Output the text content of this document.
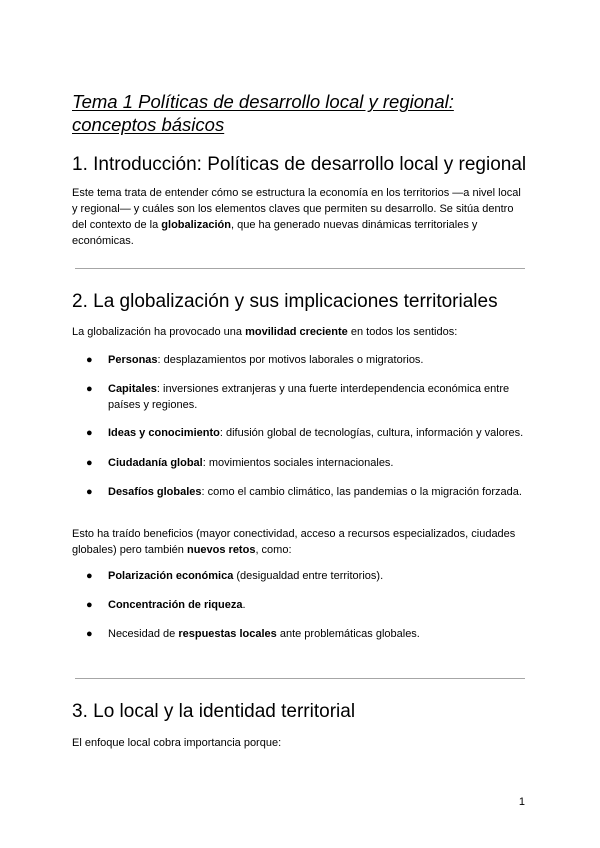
Tema 1 Políticas de desarrollo local y regional:
conceptos básicos
1. Introducción: Políticas de desarrollo local y regional

Este tema trata de entender cómo se estructura la economía en los territorios —a nivel local y regional— y cuáles son los elementos claves que permiten su desarrollo. Se sitúa dentro del contexto de la globalización, que ha generado nuevas dinámicas territoriales y económicas.

2. La globalización y sus implicaciones territoriales

La globalización ha provocado una movilidad creciente en todos los sentidos:

●	Personas: desplazamientos por motivos laborales o migratorios.
●	Capitales: inversiones extranjeras y una fuerte interdependencia económica entre países y regiones.
●	Ideas y conocimiento: difusión global de tecnologías, cultura, información y valores.
●	Ciudadanía global: movimientos sociales internacionales.
●	Desafíos globales: como el cambio climático, las pandemias o la migración forzada.

Esto ha traído beneficios (mayor conectividad, acceso a recursos especializados, ciudades globales) pero también nuevos retos, como:

●	Polarización económica (desigualdad entre territorios).
●	Concentración de riqueza.
●	Necesidad de respuestas locales ante problemáticas globales.
3. Lo local y la identidad territorial

El enfoque local cobra importancia porque:

1
